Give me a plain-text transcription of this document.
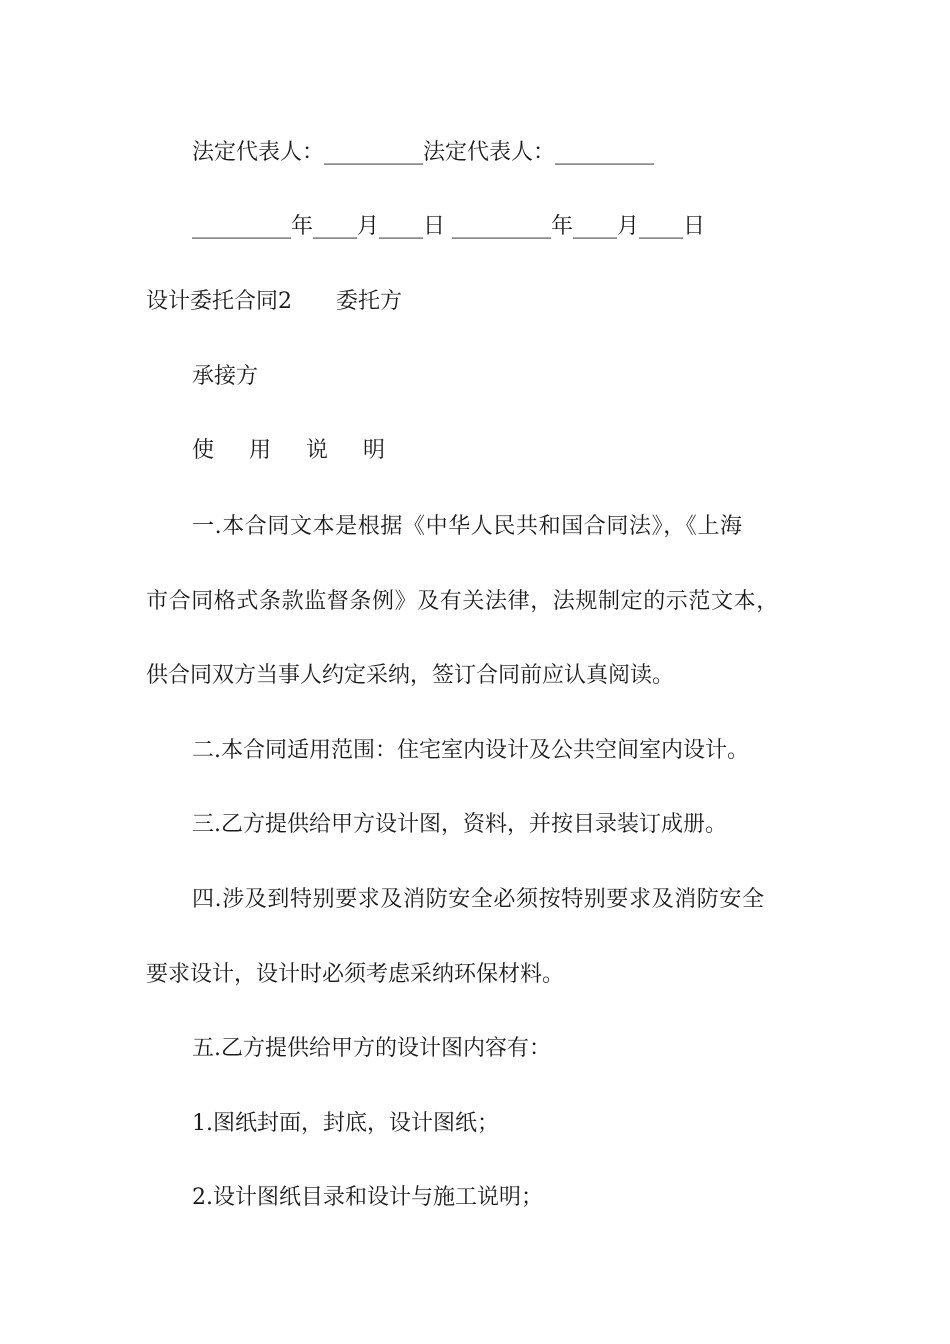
法定代表人：_________法定代表人：_________
_________年____月____日 _________年____月____日
设计委托合同2　　委托方
承接方
使 用 说 明
一.本合同文本是根据《中华人民共和国合同法》，《上海
市合同格式条款监督条例》及有关法律，法规制定的示范文本，
供合同双方当事人约定采纳，签订合同前应认真阅读。
二.本合同适用范围：住宅室内设计及公共空间室内设计。
三.乙方提供给甲方设计图，资料，并按目录装订成册。
四.涉及到特别要求及消防安全必须按特别要求及消防安全
要求设计，设计时必须考虑采纳环保材料。
五.乙方提供给甲方的设计图内容有：
1.图纸封面，封底，设计图纸；
2.设计图纸目录和设计与施工说明；
